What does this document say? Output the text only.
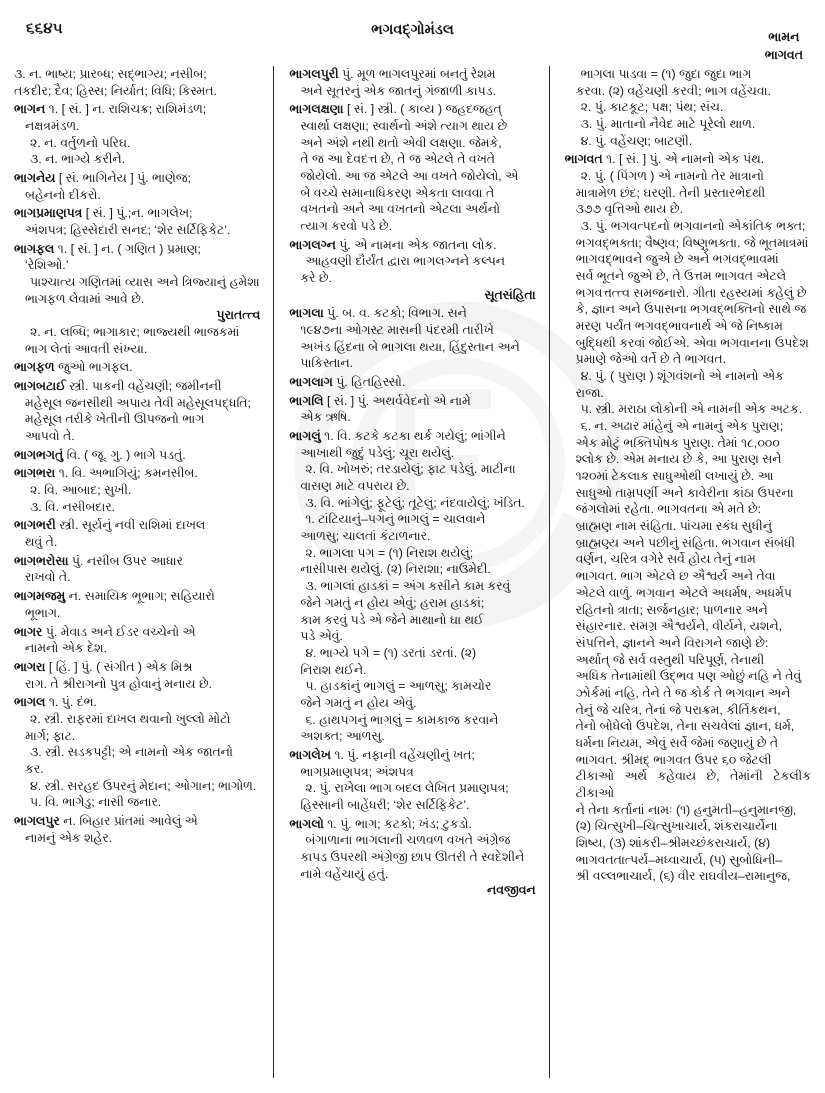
૬૬૪૫	ભગવદ્ગોમંડલ	ભામન
ભાગવત

૩. ન. ભાષ્ય; પ્રારબ્ધ; સદ્ભાગ્ય; નસીબ;

તકદીર; દૈવ; હિસ્સ; નિર્યાત; વિધિ; કિસ્મત.

ભાગન ૧. [ સં. ] ન. રાશિચક્ર; રાશિમંડળ;

નક્ષત્રમંડળ.

૨. ન. વર્તુળનો પરિઘ.

૩. ન. ભાગ્યે કરીને.

ભાગનેય [ સં. ભાગિનેય ] પું. ભાણેજ;

બહેનનો દીકરો.

ભાગપ્રમાણપત્ર [ સં. ] પું.;ન. ભાગલેખ;

અંશપત્ર; હિસ્સેદારી સનદ; ‘શેર સર્ટિફિકેટ’.

ભાગફલ ૧. [ સં. ] ન. ( ગણિત ) પ્રમાણ;

‘રેશિઓ.’

પાશ્ચાત્ય ગણિતમાં વ્યાસ અને ત્રિજ્યાનું હમેશા

ભાગફળ લેવામાં આવે છે.

પુરાતત્ત્વ

૨. ન. લબ્ધિ; ભાગાકાર; ભાજ્યથી ભાજકમાં

ભાગ લેતાં આવતી સંખ્યા.

ભાગફળ જુઓ ભાગફલ.

ભાગબટાઈ સ્ત્રી. પાકની વહેંચણી; જમીનની

મહેસૂલ જનસીથી અપાય તેવી મહેસૂલપદ્ધતિ;

મહેસૂલ તરીકે ખેતીની ઊપજનો ભાગ

આપવો તે.

ભાગભગતું વિ. ( જૂ. ગુ. ) ભાગે પડતું.

ભાગભરા ૧. વિ. અભાગિયું; કમનસીબ.

૨. વિ. આબાદ; સુખી.

૩. વિ. નસીબદાર.

ભાગભરી સ્ત્રી. સૂર્યનું નવી રાશિમાં દાખલ

થવું તે.

ભાગભરોસા પું. નસીબ ઉપર આધાર

રાખવો તે.

ભાગમજમુ ન. સમાયિક ભૂભાગ; સહિયારો

ભૂભાગ.

ભાગર પું. મેવાડ અને ઈડર વચ્ચેનો એ

નામનો એક દેશ.

ભાગરા [ હિં. ] પું. ( સંગીત ) એક મિશ્ર

રાગ. તે શ્રીરાગનો પુત્ર હોવાનું મનાય છે.

ભાગલ ૧. પું. દંભ.

૨. સ્ત્રી. રાફરમાં દાખલ થવાનો ખુલ્લો મોટો

માર્ગ; ફાટ.

૩. સ્ત્રી. સડકપટ્ટી; એ નામનો એક જાતનો

કર.

૪. સ્ત્રી. સરહદ ઉપરનું મેદાન; ઓગાન; ભાગોળ.

૫. વિ. ભાગેડુ; નાસી જનાર.

ભાગલપુર ન. બિહાર પ્રાંતમાં આવેલું એ

નામનું એક શહેર.

ભાગલપુરી પું. મૂળ ભાગલપુરમાં બનતું રેશમ

અને સૂતરનું એક જાતનું ગંજાળી કાપડ.

ભાગલક્ષણા [ સં. ] સ્ત્રી. ( કાવ્ય ) જહદજહત્

સ્વાર્થા લક્ષણા; સ્વાર્થનો અંશે ત્યાગ થાય છે

અને અંશે નથી થતો એવી લક્ષણા. જેમકે,

તે જ આ દેવદત્ત છે, તે જ એટલે તે વખતે

જોયેલો. આ જ એટલે આ વખતે જોયેલો, એ

બે વચ્ચે સમાનાધિકરણ એકતા લાવવા તે

વખતનો અને આ વખતનો એટલા અર્થનો

ત્યાગ કરવો પડે છે.

ભાગલગ્ન પું. એ નામના એક જાતના લોક.

આહવણી દૌર્યંત દ્વારા ભાગલગ્નને કલ્પન

કરે છે.

સૂતસંહિતા

ભાગલા પું. બ. વ. કટકો; વિભાગ. સને

૧૯૪૭ના ઓગસ્ટ માસની પંદરમી તારીખે

અખંડ હિંદના બે ભાગલા થયા, હિંદુસ્તાન અને

પાકિસ્તાન.

ભાગલાગ પું. હિતહિસ્સો.

ભાગલિ [ સં. ] પું. અથર્વવેદનો એ નામે

એક ઋષિ.

ભાગલું ૧. વિ. કટકે કટકા થર્ક ગયેલું; ભાંગીને

આખાથી જુદું પડેલું; ચૂરા થયેલું.

૨. વિ. ખોખરું; તરડાયેલું; ફાટ પડેલું. માટીના

વાસણ માટે વપરાય છે.

૩. વિ. ભાંગેલું; ફૂટેલું; તૂટેલું; નંદવાયેલું; ખંડિત.

૧. ટાંટિયાનું–પગનું ભાગલું = ચાલવાને

આળસુ; ચાલતાં કંટાળનાર.

૨. ભાગલા પગ = (૧) નિરાશ થયેલું;

નાસીપાસ થયેલું. (૨) નિરાશા; નાઉમેદી.

૩. ભાગલાં હાડકાં = અંગ કસીને કામ કરવું

જેને ગમતું ન હોય એવું; હરામ હાડકાં;

કામ કરવું પડે એ જેને માથાનો ઘા થઈ

પડે એવું.

૪. ભાગ્યે પગે = (૧) ડરતાં ડરતાં. (૨)

નિરાશ થઈને.

૫. હાડકાંનું ભાગલું = આળસુ; કામચોર

જેને ગમતું ન હોય એવું.

૬. હાથપગનું ભાગલું = કામકાજ કરવાને

અશક્ત; આળસુ.

ભાગલેખ ૧. પું. નફાની વહેંચણીનું ખત;

ભાગપ્રમાણપત્ર; અંશપત્ર

૨. પું. રાખેલા ભાગ બદલ લેખિત પ્રમાણપત્ર;

હિસ્સાની બાહેંધરી; ‘શેર સર્ટિફિકેટ’.

ભાગલો ૧. પું. ભાગ; કટકો; ખંડ; ટુકડો.

બંગાળાના ભાગલાની ચળવળ વખતે અંગ્રેજ

કાપડ ઉપરથી અંગ્રેજી છાપ ઊતરી તે સ્વદેશીને

નામે વહેંચાયું હતું.

નવજીવન

ભાગલા પાડવા = (૧) જુદા જુદા ભાગ

કરવા. (૨) વહેંચણી કરવી; ભાગ વહેંચવા.

૨. પું. કાટકૂટ; પક્ષ; પંથ; સંચ.

૩. પું. માતાનો નૈવેદ માટે પૂરેલો થાળ.

૪. પું. વહેંચણ; બાટણી.

ભાગવત ૧. [ સં. ] પું. એ નામનો એક પંથ.

૨. પું. ( પિંગળ ) એ નામનો તેર માત્રાનો

માત્રામેળ છંદ; ઘરણી. તેની પ્રસ્તારભેદથી

૩૭૭ વૃત્તિઓ થાય છે.

૩. પું. ભગવત્પદનો ભગવાનનો એકાંતિક ભક્ત;

ભગવદ્ભક્તા; વૈષ્ણવ; વિષ્ણુભક્તા. જે ભૂતમાત્રમાં

ભાગવદ્ભાવને જુએ છે અને ભગવદ્ભાવમાં

સર્વ ભૂતને જુએ છે, તે ઉત્તમ ભાગવત એટલે

ભગવત્તત્ત્વ સમજનારો. ગીતા રહસ્યમાં કહેલું છે

કે, જ્ઞાન અને ઉપાસના ભગવદ્ભક્તિનો સાથે જ

મરણ પર્યંત ભગવદ્ભાવનાર્થ એ જે નિષ્કામ

બુદ્ધિથી કરવાં જોઈએ. એવા ભગવાનના ઉપદેશ

પ્રમાણે જેઓ વર્તે છે તે ભાગવત.

૪. પું. ( પુરાણ ) શૂંગવંશનો એ નામનો એક

રાજા.

૫. સ્ત્રી. મરાઠા લોકોની એ નામની એક અટક.

૬. ન. અઢાર માંહેનું એ નામનું એક પુરાણ;

એક મોટું ભક્તિપોષક પુરાણ. તેમાં ૧૮,૦૦૦

શ્લોક છે. એમ મનાય છે કે, આ પુરાણ સને

૧૨૦માં ટેકલાક સાધુઓથી લખાયું છે. આ

સાધુઓ તામ્રપર્ણી અને કાવેરીના કાંઠા ઉપરના

જંગલોમાં રહેતા. ભાગવતના એ મતે છે:

બ્રાહ્મણ નામ સંહિતા. પાંચમા સ્કંધ સુધીનું

બ્રાહ્મણ્ય અને પછીનું સંહિતા. ભગવાન સંબંધી

વર્ણન, ચરિત્ર વગેરે સર્વે હોય તેનું નામ

ભાગવત. ભાગ એટલે છ ઐશ્વર્ય અને તેવા

એટલે વાળું. ભગવાન એટલે અધર્મષ, અધર્મપ

રહિતનો ત્રાતા; સર્જનહાર; પાળનાર અને

સંહારનાર. સમગ્ર ઐશ્વર્યને, વીર્યને, યશને,

સંપત્તિને, જ્ઞાનને અને વિરાગને જાણે છે:

અર્થાત્ જે સર્વ વસ્તુથી પરિપૂર્ણ, તેનાથી

અધિક તેનામાંથી ઉદ્ભવ પણ ઓછું નહિ ને તેવું

ઝોર્કમાં નહિ, તેને તે જ કોર્ક તે ભગવાન અને

તેનું જે ચરિત્ર, તેનાં જે પરાક્રમ, કીર્તિકથન,

તેનો બોધેલો ઉપદેશ, તેના સચવેલાં જ્ઞાન, ધર્મ,

ધર્મના નિયમ, એવું સર્વે જેમાં જણાયું છે તે

ભાગવત. શ્રીમદ્ ભાગવત ઉપર ૬૦ જેટલી

ટીકાઓ અર્થ કહેવાય છે, તેમાંની ટેકલીક ટીકાઓ

ને તેના કર્તાનાં નામઃ (૧) હનુમતી–હનુમાનજી,

(૨) ચિત્સુખી–ચિત્સુખાચાર્ય, શંકરાચાર્યેના

શિષ્ય, (૩) શાંકરી–શ્રીમચ્છંકરાચાર્ય, (૪)

ભાગવતતાત્પર્ય–મધ્વાચાર્ય, (૫) સુબોધિની–

શ્રી વલ્લભાચાર્ય, (૬) વીર રાઘવીય–રામાનુજ,
